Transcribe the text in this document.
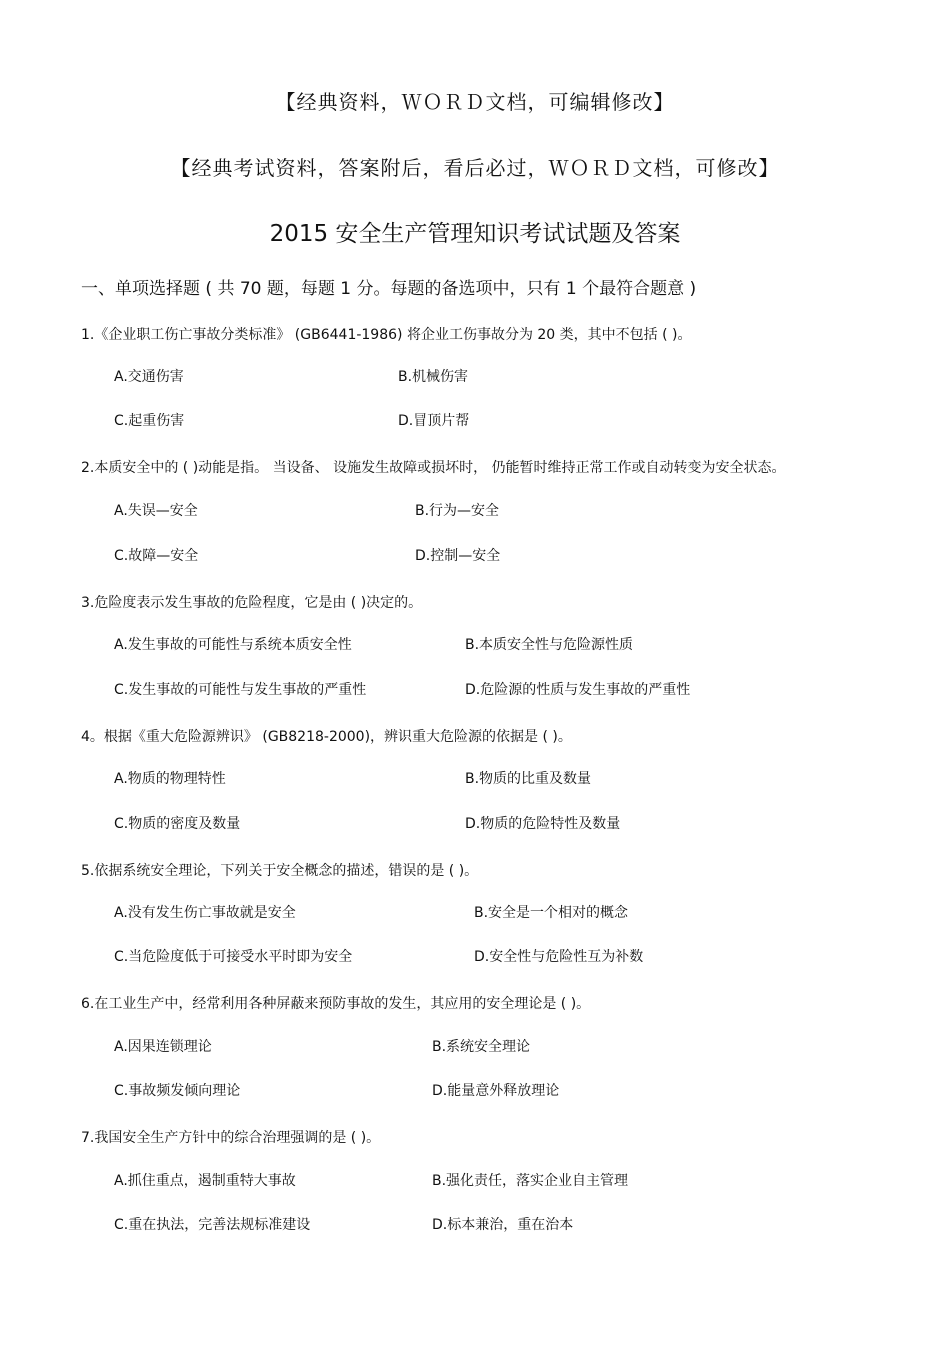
【经典资料，ＷＯＲＤ文档，可编辑修改】
【经典考试资料，答案附后，看后必过，ＷＯＲＤ文档，可修改】
2015 安全生产管理知识考试试题及答案
一、单项选择题 ( 共 70 题，每题 1 分。每题的备选项中，只有 1 个最符合题意 )
1.《企业职工伤亡事故分类标准》 (GB6441-1986) 将企业工伤事故分为 20 类，其中不包括 ( )。
A.交通伤害	B.机械伤害
C.起重伤害	D.冒顶片帮
2.本质安全中的 ( )动能是指。 当设备、 设施发生故障或损坏时， 仍能暂时维持正常工作或自动转变为安全状态。
A.失误—安全	B.行为—安全
C.故障—安全	D.控制—安全
3.危险度表示发生事故的危险程度，它是由 ( )决定的。
A.发生事故的可能性与系统本质安全性	B.本质安全性与危险源性质
C.发生事故的可能性与发生事故的严重性	D.危险源的性质与发生事故的严重性
4。根据《重大危险源辨识》 (GB8218-2000)，辨识重大危险源的依据是 ( )。
A.物质的物理特性	B.物质的比重及数量
C.物质的密度及数量	D.物质的危险特性及数量
5.依据系统安全理论，下列关于安全概念的描述，错误的是 ( )。
A.没有发生伤亡事故就是安全	B.安全是一个相对的概念
C.当危险度低于可接受水平时即为安全	D.安全性与危险性互为补数
6.在工业生产中，经常利用各种屏蔽来预防事故的发生，其应用的安全理论是 ( )。
A.因果连锁理论	B.系统安全理论
C.事故频发倾向理论	D.能量意外释放理论
7.我国安全生产方针中的综合治理强调的是 ( )。
A.抓住重点，遏制重特大事故	B.强化责任，落实企业自主管理
C.重在执法，完善法规标准建设	D.标本兼治，重在治本
